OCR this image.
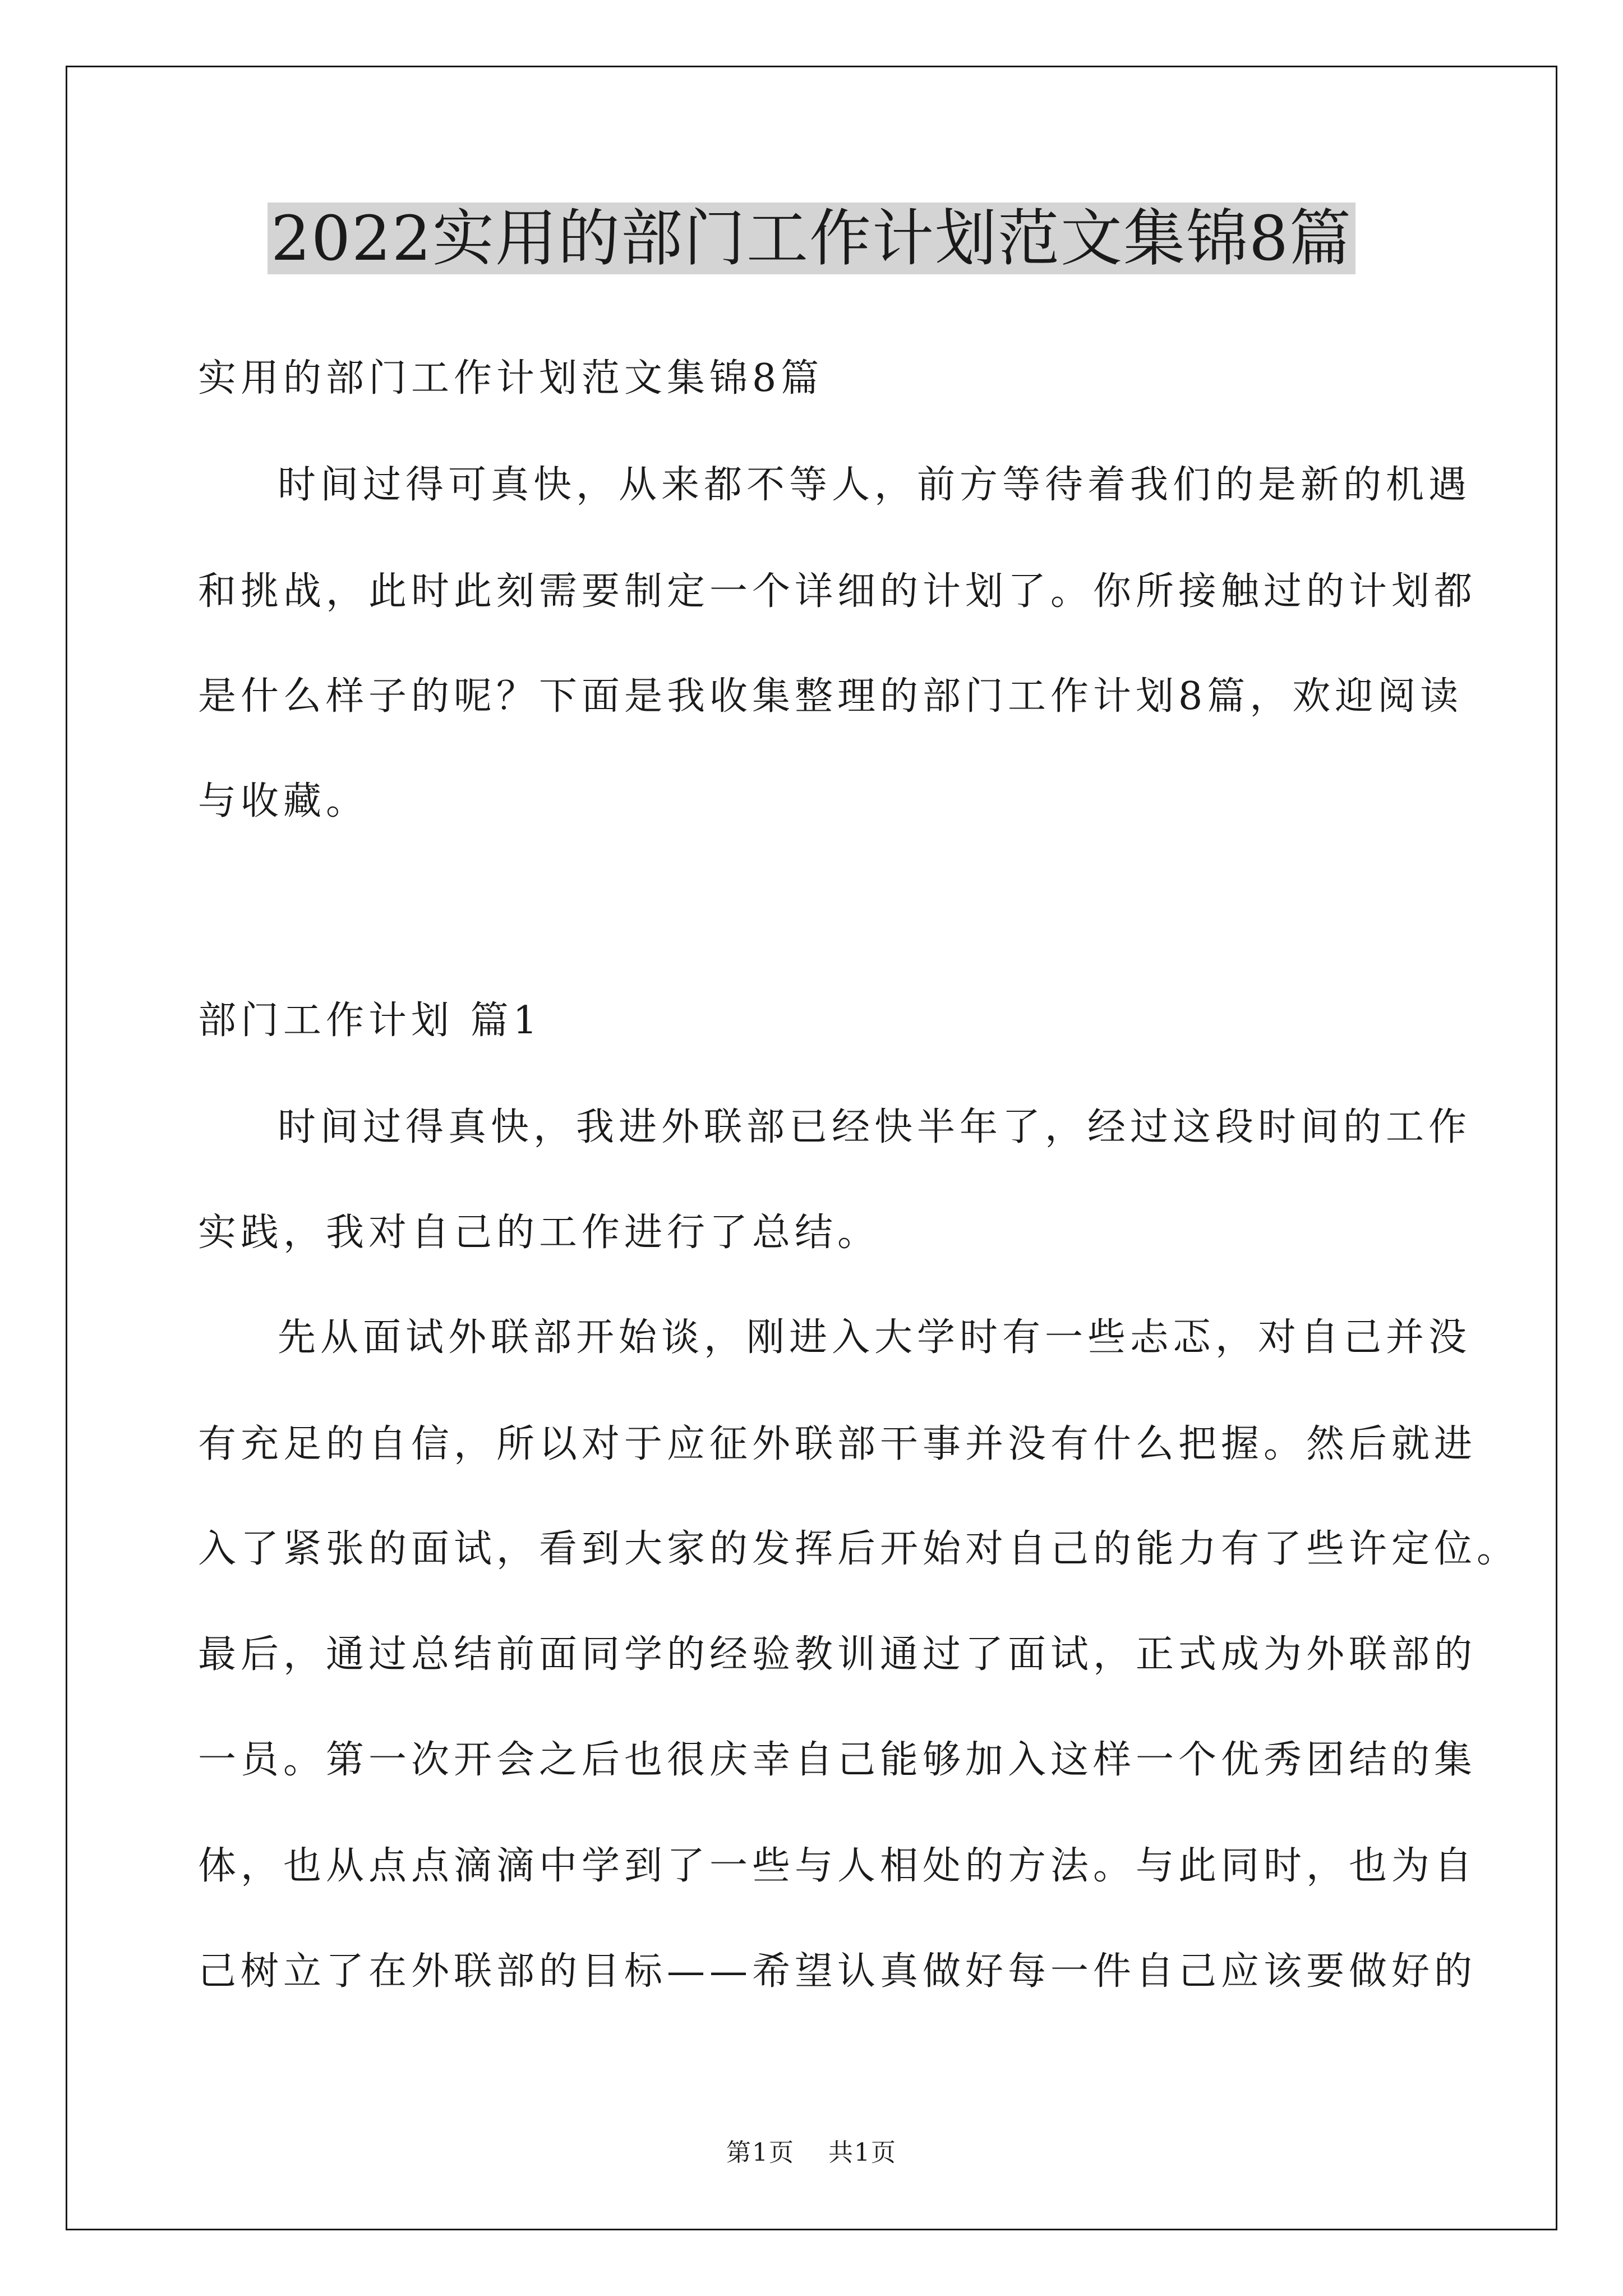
2022实用的部门工作计划范文集锦8篇
实用的部门工作计划范文集锦8篇
时间过得可真快，从来都不等人，前方等待着我们的是新的机遇
和挑战，此时此刻需要制定一个详细的计划了。你所接触过的计划都
是什么样子的呢？下面是我收集整理的部门工作计划8篇，欢迎阅读
与收藏。
部门工作计划 篇1
时间过得真快，我进外联部已经快半年了，经过这段时间的工作
实践，我对自己的工作进行了总结。
先从面试外联部开始谈，刚进入大学时有一些忐忑，对自己并没
有充足的自信，所以对于应征外联部干事并没有什么把握。然后就进
入了紧张的面试，看到大家的发挥后开始对自己的能力有了些许定位。
最后，通过总结前面同学的经验教训通过了面试，正式成为外联部的
一员。第一次开会之后也很庆幸自己能够加入这样一个优秀团结的集
体，也从点点滴滴中学到了一些与人相处的方法。与此同时，也为自
己树立了在外联部的目标——希望认真做好每一件自己应该要做好的
第1页 共1页
